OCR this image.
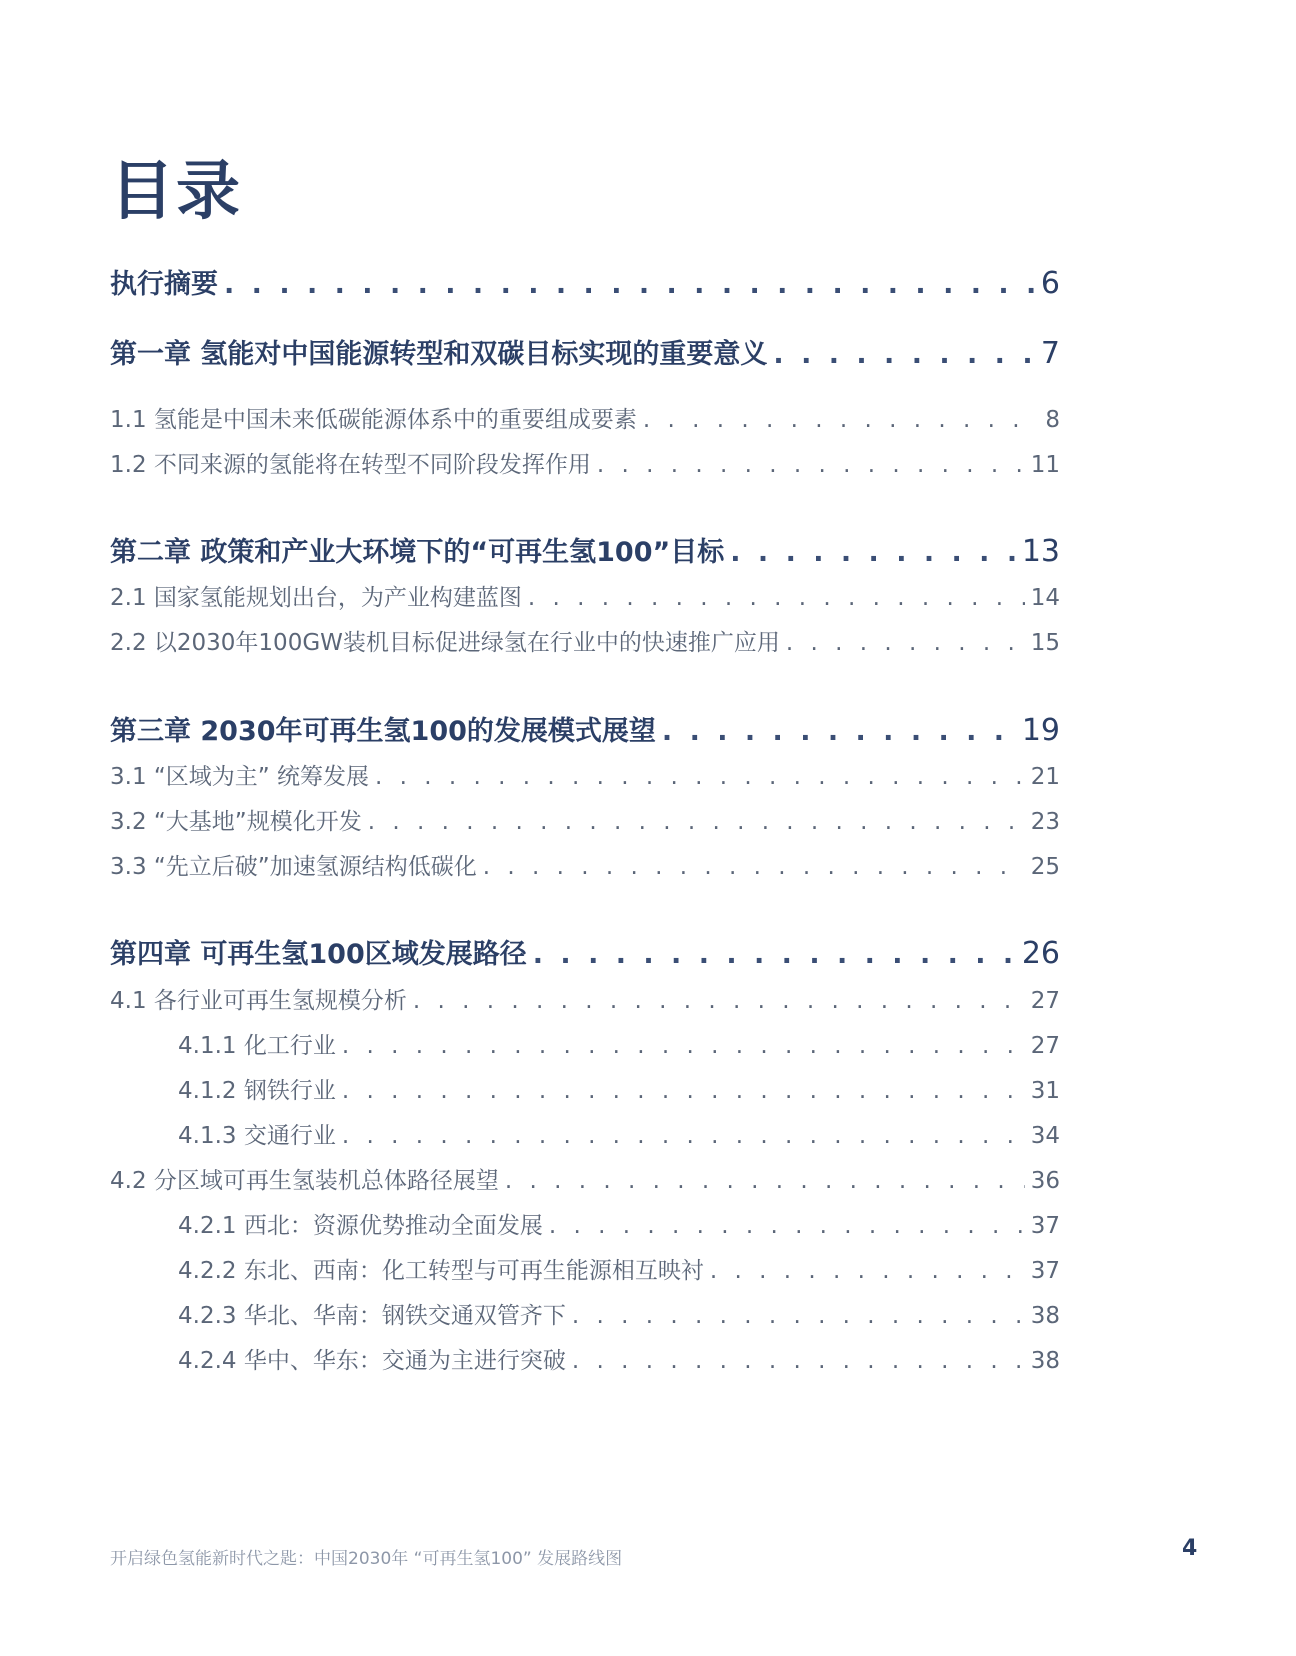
目录
执行摘要 . . .	6
第一章 氢能对中国能源转型和双碳目标实现的重要意义 . . .	7
1.1 氢能是中国未来低碳能源体系中的重要组成要素 . . .	8
1.2 不同来源的氢能将在转型不同阶段发挥作用 . . .	11
第二章 政策和产业大环境下的“可再生氢100”目标 . . .	13
2.1 国家氢能规划出台，为产业构建蓝图 . . .	14
2.2 以2030年100GW装机目标促进绿氢在行业中的快速推广应用 . . .	15
第三章 2030年可再生氢100的发展模式展望 . . .	19
3.1 “区域为主” 统筹发展 . . .	21
3.2 “大基地”规模化开发 . . .	23
3.3 “先立后破”加速氢源结构低碳化 . . .	25
第四章 可再生氢100区域发展路径 . . .	26
4.1 各行业可再生氢规模分析 . . .	27
4.1.1 化工行业 . . .	27
4.1.2 钢铁行业 . . .	31
4.1.3 交通行业 . . .	34
4.2 分区域可再生氢装机总体路径展望 . . .	36
4.2.1 西北：资源优势推动全面发展 . . .	37
4.2.2 东北、西南：化工转型与可再生能源相互映衬 . . .	37
4.2.3 华北、华南：钢铁交通双管齐下 . . .	38
4.2.4 华中、华东：交通为主进行突破 . . .	38
开启绿色氢能新时代之匙：中国2030年 “可再生氢100” 发展路线图	4
